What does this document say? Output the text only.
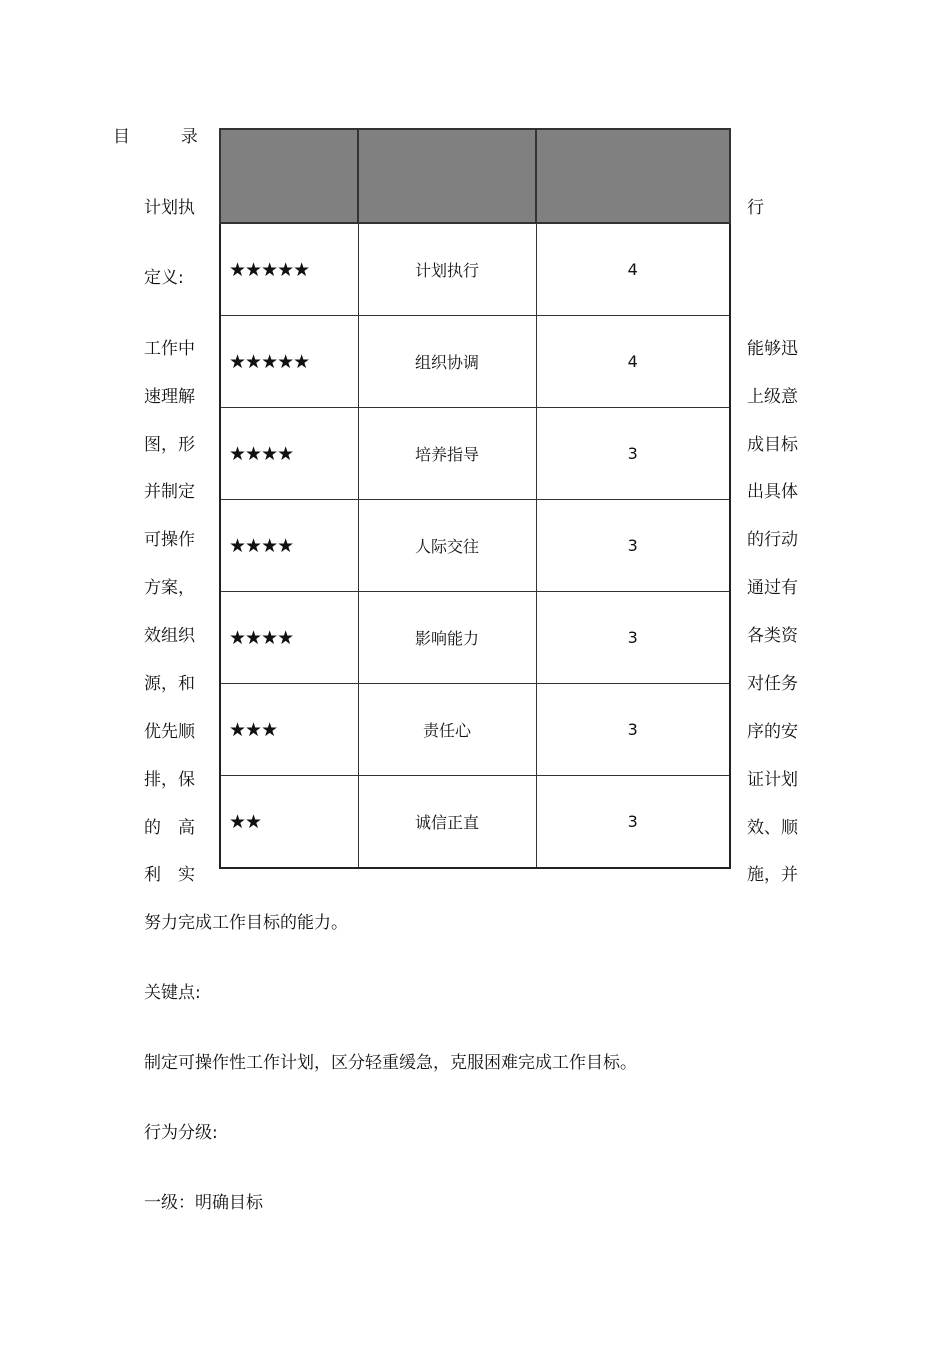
目	录
计划执
定义:
工作中
速理解
图，形
并制定
可操作
方案，
效组织
源，和
优先顺
排，保
的　高
利　实
行
能够迅
上级意
成目标
出具体
的行动
通过有
各类资
对任务
序的安
证计划
效、顺
施，并

★★★★★	计划执行	4
★★★★★	组织协调	4
★★★★	培养指导	3
★★★★	人际交往	3
★★★★	影响能力	3
★★★	责任心	3
★★	诚信正直	3
努力完成工作目标的能力。
关键点:
制定可操作性工作计划，区分轻重缓急，克服困难完成工作目标。
行为分级:
一级：明确目标
